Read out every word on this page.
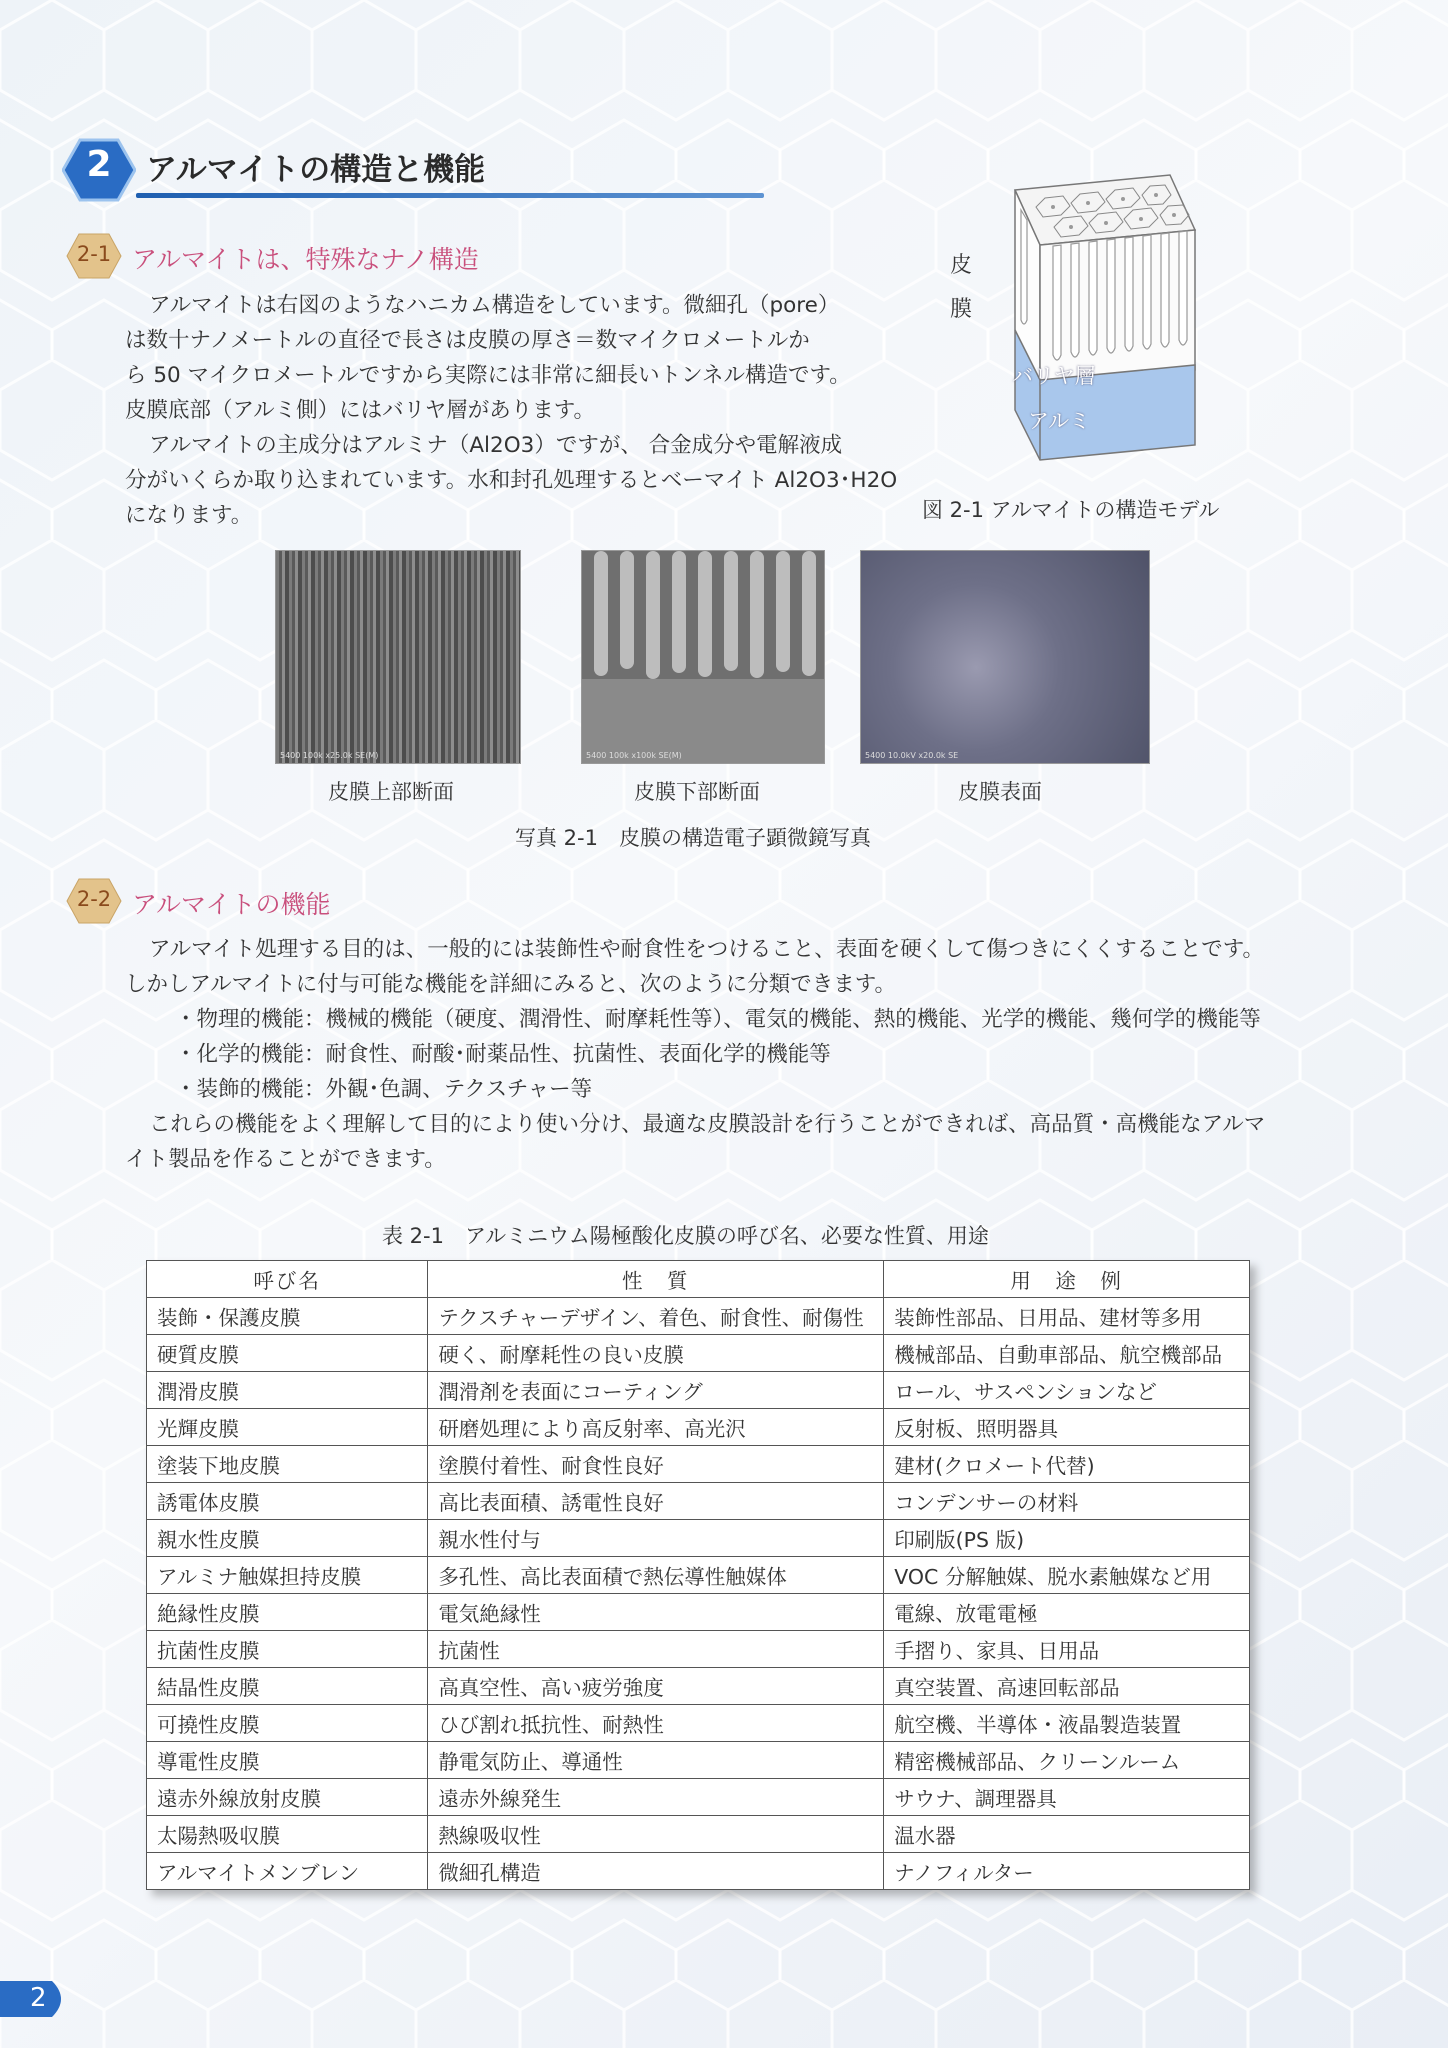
2	アルマイトの構造と機能
2-1 アルマイトは、特殊なナノ構造

アルマイトは右図のようなハニカム構造をしています。微細孔（pore）

は数十ナノメートルの直径で長さは皮膜の厚さ＝数マイクロメートルか

ら 50 マイクロメートルですから実際には非常に細長いトンネル構造です。

皮膜底部（アルミ側）にはバリヤ層があります。

アルマイトの主成分はアルミナ（Al2O3）ですが、 合金成分や電解液成

分がいくらか取り込まれています。水和封孔処理するとベーマイト Al2O3･H2O

になります。

皮
膜
バリヤ層
アルミ
図 2-1 アルマイトの構造モデル
5400 100k x25.0k SE(M)	5400 100k x100k SE(M)	5400 10.0kV x20.0k SE
皮膜上部断面	皮膜下部断面	皮膜表面
写真 2-1　皮膜の構造電子顕微鏡写真
2-2 アルマイトの機能

アルマイト処理する目的は、一般的には装飾性や耐食性をつけること、表面を硬くして傷つきにくくすることです。

しかしアルマイトに付与可能な機能を詳細にみると、次のように分類できます。

・物理的機能：機械的機能（硬度、潤滑性、耐摩耗性等）、電気的機能、熱的機能、光学的機能、幾何学的機能等

・化学的機能：耐食性、耐酸･耐薬品性、抗菌性、表面化学的機能等

・装飾的機能：外観･色調、テクスチャー等

これらの機能をよく理解して目的により使い分け、最適な皮膜設計を行うことができれば、高品質・高機能なアルマ

イト製品を作ることができます。

表 2-1　アルミニウム陽極酸化皮膜の呼び名、必要な性質、用途
呼び名	性　質	用　途　例
装飾・保護皮膜	テクスチャーデザイン、着色、耐食性、耐傷性	装飾性部品、日用品、建材等多用
硬質皮膜	硬く、耐摩耗性の良い皮膜	機械部品、自動車部品、航空機部品
潤滑皮膜	潤滑剤を表面にコーティング	ロール、サスペンションなど
光輝皮膜	研磨処理により高反射率、高光沢	反射板、照明器具
塗装下地皮膜	塗膜付着性、耐食性良好	建材(クロメート代替)
誘電体皮膜	高比表面積、誘電性良好	コンデンサーの材料
親水性皮膜	親水性付与	印刷版(PS 版)
アルミナ触媒担持皮膜	多孔性、高比表面積で熱伝導性触媒体	VOC 分解触媒、脱水素触媒など用
絶縁性皮膜	電気絶縁性	電線、放電電極
抗菌性皮膜	抗菌性	手摺り、家具、日用品
結晶性皮膜	高真空性、高い疲労強度	真空装置、高速回転部品
可撓性皮膜	ひび割れ抵抗性、耐熱性	航空機、半導体・液晶製造装置
導電性皮膜	静電気防止、導通性	精密機械部品、クリーンルーム
遠赤外線放射皮膜	遠赤外線発生	サウナ、調理器具
太陽熱吸収膜	熱線吸収性	温水器
アルマイトメンブレン	微細孔構造	ナノフィルター
2
